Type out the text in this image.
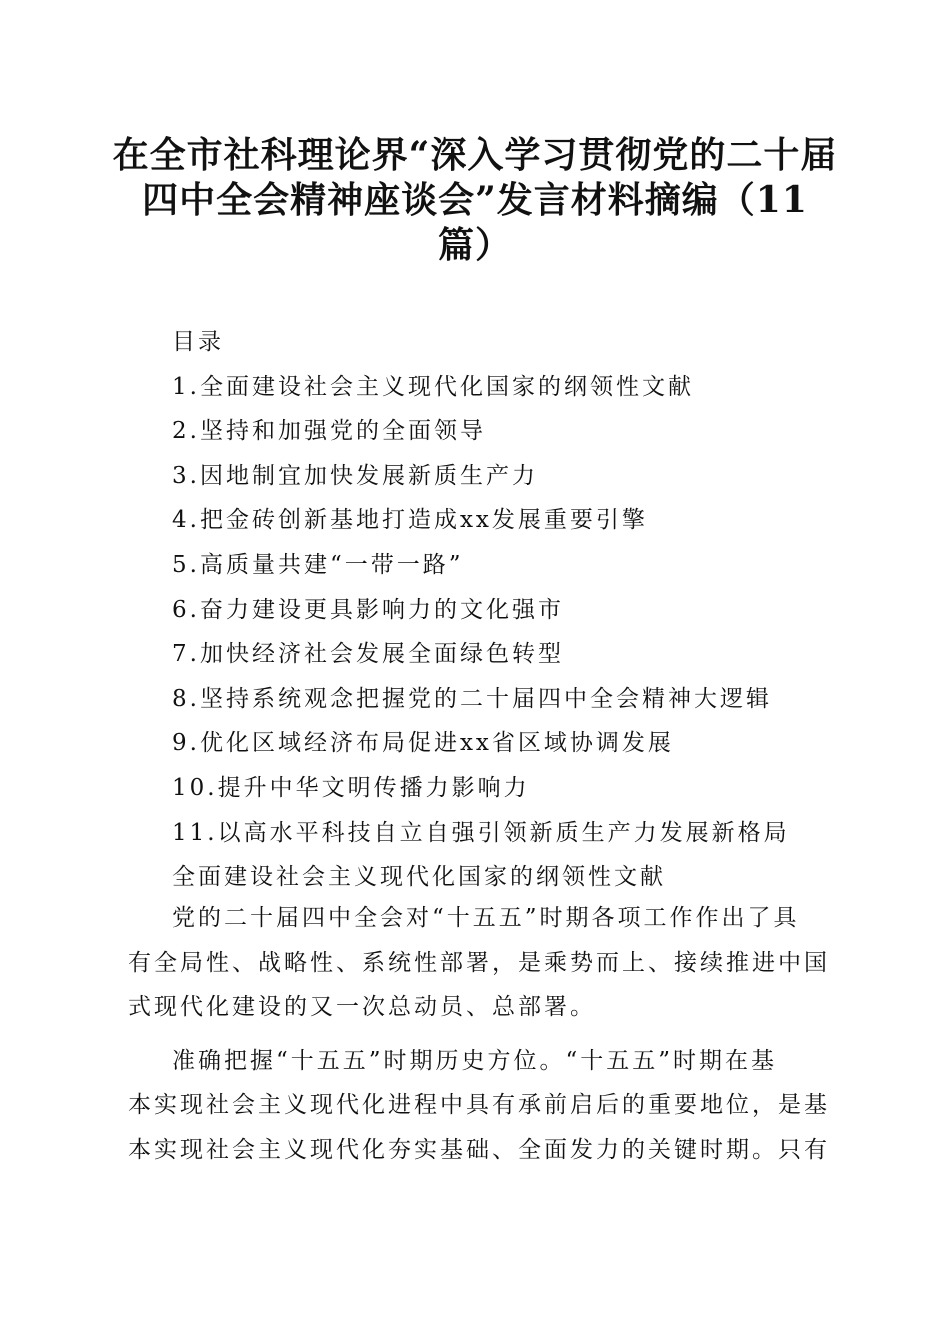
在全市社科理论界“深入学习贯彻党的二十届
四中全会精神座谈会”发言材料摘编（11
篇）
目录
1.全面建设社会主义现代化国家的纲领性文献
2.坚持和加强党的全面领导
3.因地制宜加快发展新质生产力
4.把金砖创新基地打造成xx发展重要引擎
5.高质量共建“一带一路”
6.奋力建设更具影响力的文化强市
7.加快经济社会发展全面绿色转型
8.坚持系统观念把握党的二十届四中全会精神大逻辑
9.优化区域经济布局促进xx省区域协调发展
10.提升中华文明传播力影响力
11.以高水平科技自立自强引领新质生产力发展新格局
全面建设社会主义现代化国家的纲领性文献
党的二十届四中全会对“十五五”时期各项工作作出了具
有全局性、战略性、系统性部署，是乘势而上、接续推进中国
式现代化建设的又一次总动员、总部署。
准确把握“十五五”时期历史方位。“十五五”时期在基
本实现社会主义现代化进程中具有承前启后的重要地位，是基
本实现社会主义现代化夯实基础、全面发力的关键时期。只有
